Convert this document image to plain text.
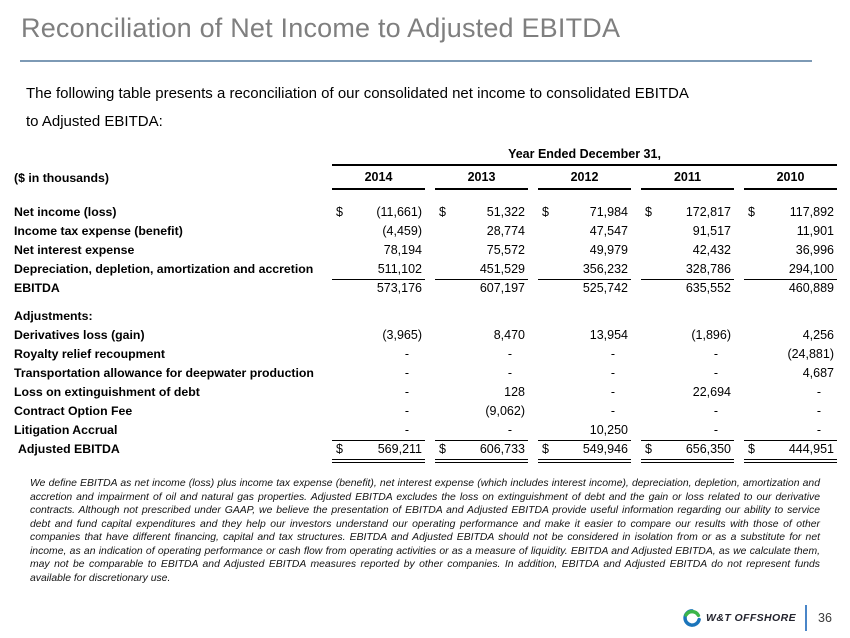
Reconciliation of Net Income to Adjusted EBITDA
The following table presents a reconciliation of our consolidated net income to consolidated EBITDA
to Adjusted EBITDA:
Year Ended December 31,
($ in thousands)	2014	2013	2012	2011	2010
Net income (loss)	$	(11,661)	$	51,322	$	71,984	$	172,817	$	117,892
Income tax expense (benefit)	(4,459)	28,774	47,547	91,517	11,901
Net interest expense	78,194	75,572	49,979	42,432	36,996
Depreciation, depletion, amortization and accretion	511,102	451,529	356,232	328,786	294,100
EBITDA	573,176	607,197	525,742	635,552	460,889
Adjustments:
Derivatives loss (gain)	(3,965)	8,470	13,954	(1,896)	4,256
Royalty relief recoupment	-	-	-	-	(24,881)
Transportation allowance for deepwater production	-	-	-	-	4,687
Loss on extinguishment of debt	-	128	-	22,694	-
Contract Option Fee	-	(9,062)	-	-	-
Litigation Accrual	-	-	10,250	-	-
Adjusted EBITDA	$	569,211	$	606,733	$	549,946	$	656,350	$	444,951

We define EBITDA as net income (loss) plus income tax expense (benefit), net interest expense (which includes interest income), depreciation, depletion, amortization and accretion and impairment of oil and natural gas properties. Adjusted EBITDA excludes the loss on extinguishment of debt and the gain or loss related to our derivative contracts. Although not prescribed under GAAP, we believe the presentation of EBITDA and Adjusted EBITDA provide useful information regarding our ability to service debt and fund capital expenditures and they help our investors understand our operating performance and make it easier to compare our results with those of other companies that have different financing, capital and tax structures. EBITDA and Adjusted EBITDA should not be considered in isolation from or as a substitute for net income, as an indication of operating performance or cash flow from operating activities or as a measure of liquidity. EBITDA and Adjusted EBITDA, as we calculate them, may not be comparable to EBITDA and Adjusted EBITDA measures reported by other companies. In addition, EBITDA and Adjusted EBITDA do not represent funds available for discretionary use.

W&T OFFSHORE 36
